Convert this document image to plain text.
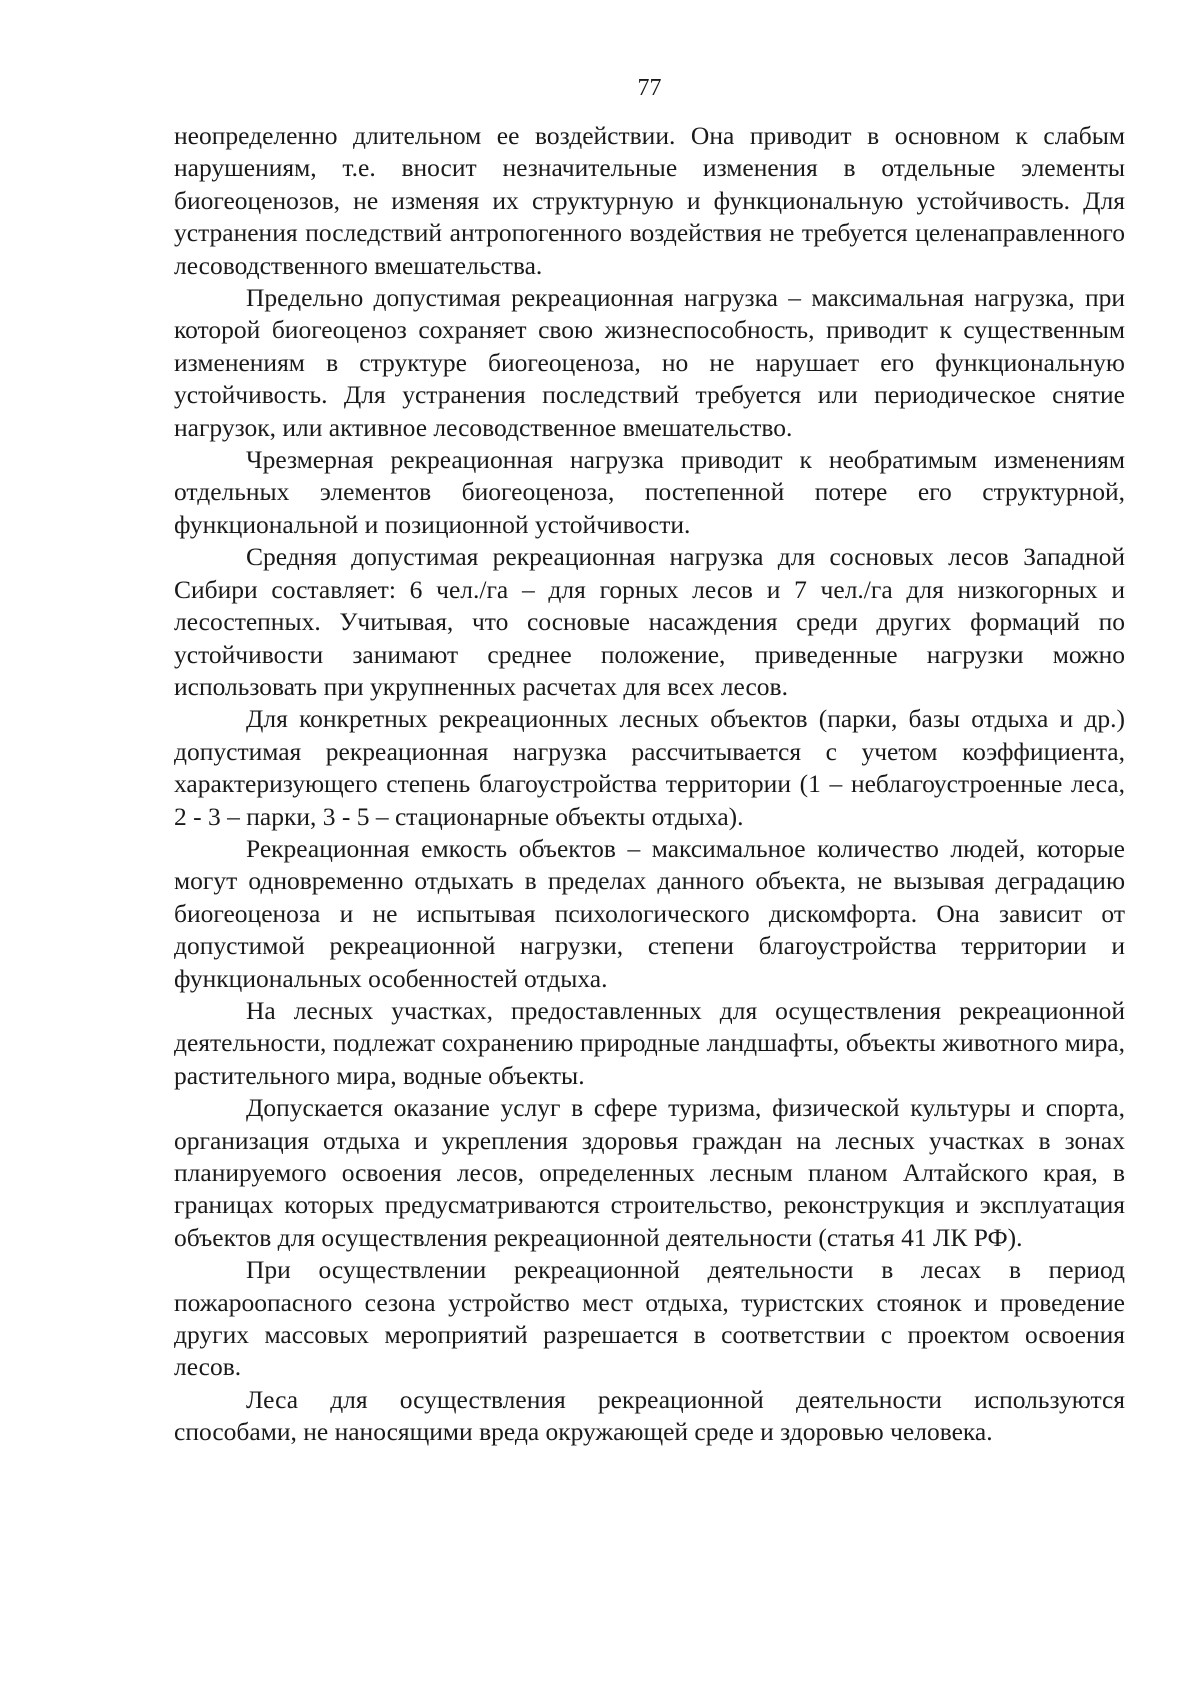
77

неопределенно длительном ее воздействии. Она приводит в основном к слабым нарушениям, т.е. вносит незначительные изменения в отдельные элементы биогеоценозов, не изменяя их структурную и функциональную устойчивость. Для устранения последствий антропогенного воздействия не требуется целенаправленного лесоводственного вмешательства.

Предельно допустимая рекреационная нагрузка – максимальная нагрузка, при которой биогеоценоз сохраняет свою жизнеспособность, приводит к существенным изменениям в структуре биогеоценоза, но не нарушает его функциональную устойчивость. Для устранения последствий требуется или периодическое снятие нагрузок, или активное лесоводственное вмешательство.

Чрезмерная рекреационная нагрузка приводит к необратимым изменениям отдельных элементов биогеоценоза, постепенной потере его структурной, функциональной и позиционной устойчивости.

Средняя допустимая рекреационная нагрузка для сосновых лесов Западной Сибири составляет: 6 чел./га – для горных лесов и 7 чел./га для низкогорных и лесостепных. Учитывая, что сосновые насаждения среди других формаций по устойчивости занимают среднее положение, приведенные нагрузки можно использовать при укрупненных расчетах для всех лесов.

Для конкретных рекреационных лесных объектов (парки, базы отдыха и др.) допустимая рекреационная нагрузка рассчитывается с учетом коэффициента, характеризующего степень благоустройства территории (1 – неблагоустроенные леса, 2 - 3 – парки, 3 - 5 – стационарные объекты отдыха).

Рекреационная емкость объектов – максимальное количество людей, которые могут одновременно отдыхать в пределах данного объекта, не вызывая деградацию биогеоценоза и не испытывая психологического дискомфорта. Она зависит от допустимой рекреационной нагрузки, степени благоустройства территории и функциональных особенностей отдыха.

На лесных участках, предоставленных для осуществления рекреационной деятельности, подлежат сохранению природные ландшафты, объекты животного мира, растительного мира, водные объекты.

Допускается оказание услуг в сфере туризма, физической культуры и спорта, организация отдыха и укрепления здоровья граждан на лесных участках в зонах планируемого освоения лесов, определенных лесным планом Алтайского края, в границах которых предусматриваются строительство, реконструкция и эксплуатация объектов для осуществления рекреационной деятельности (статья 41 ЛК РФ).

При осуществлении рекреационной деятельности в лесах в период пожароопасного сезона устройство мест отдыха, туристских стоянок и проведение других массовых мероприятий разрешается в соответствии с проектом освоения лесов.

Леса для осуществления рекреационной деятельности используются способами, не наносящими вреда окружающей среде и здоровью человека.
